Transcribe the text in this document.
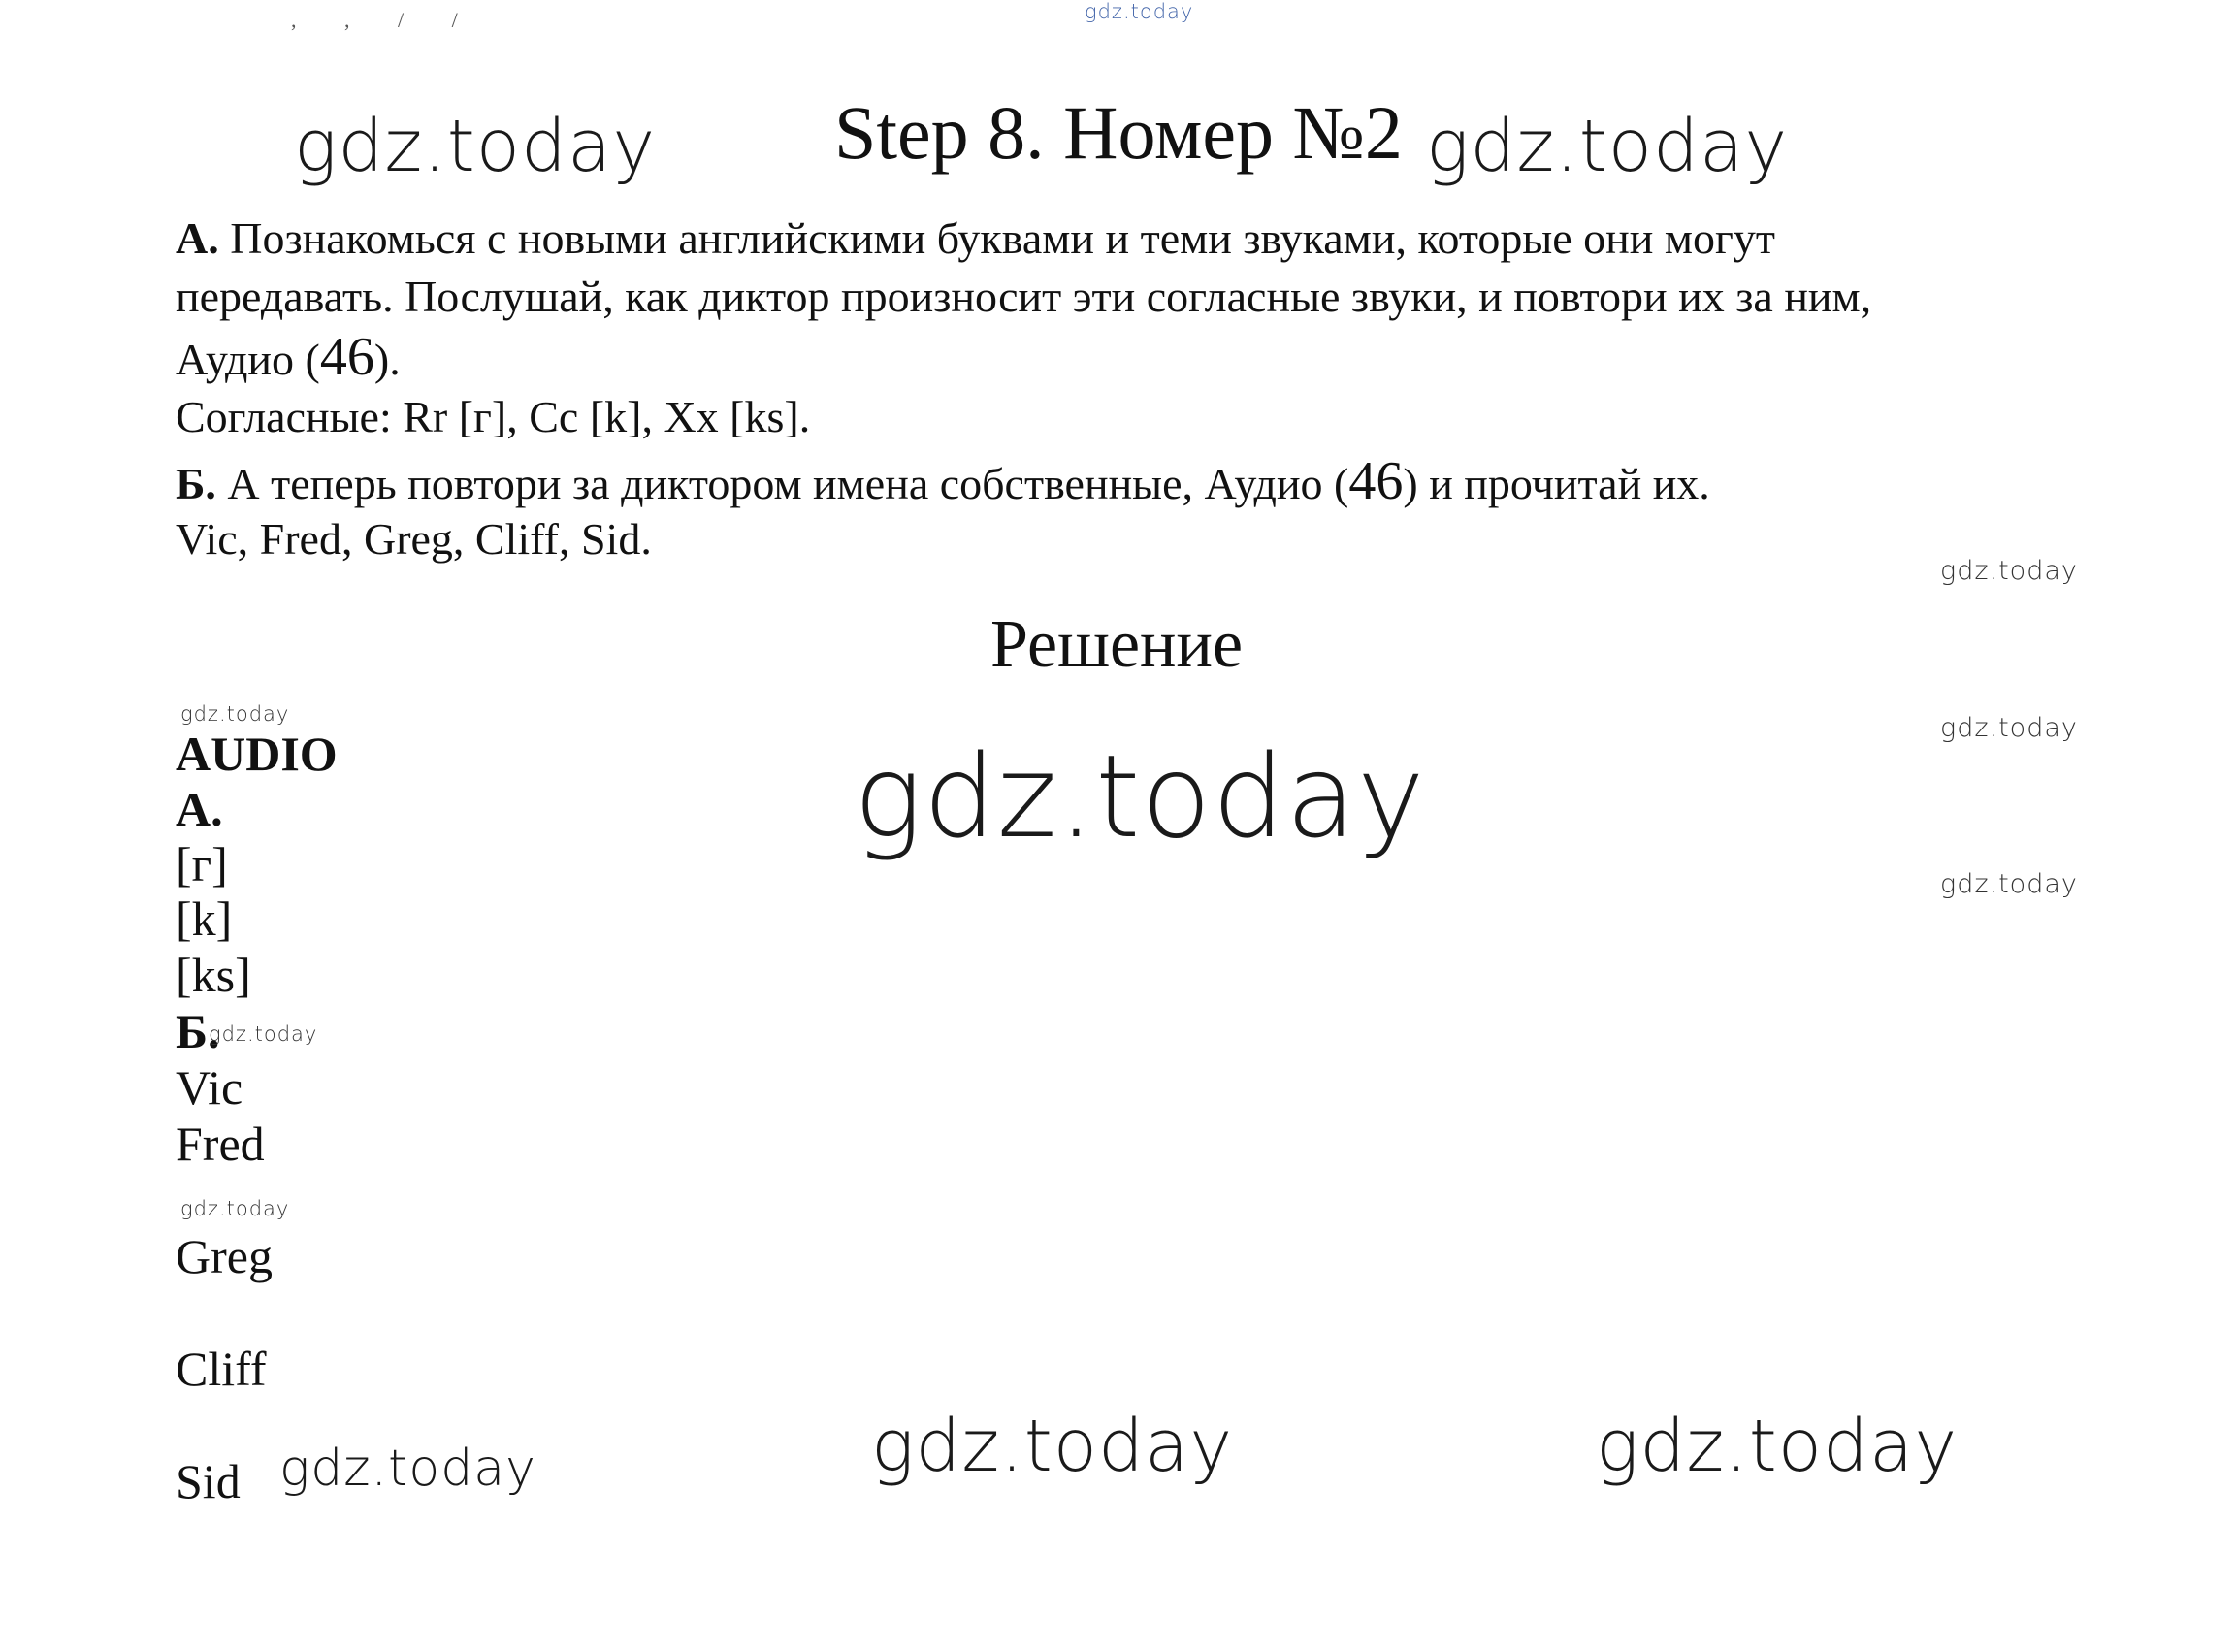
gdz.today
, , / /
gdz.today Step 8. Номер №2 gdz.today
А. Познакомься с новыми английскими буквами и теми звуками, которые они могут
передавать. Послушай, как диктор произносит эти согласные звуки, и повтори их за ним,
Аудио (46).
Согласные: Rr [г], Cc [k], Xx [ks].
Б. А теперь повтори за диктором имена собственные, Аудио (46) и прочитай их.
Vic, Fred, Greg, Cliff, Sid.
gdz.today
Решение
gdz.today	gdz.today
gdz.today
gdz.today
AUDIO
А.
[г]
[k]
[ks]
Б.
gdz.today
Vic
Fred
gdz.today
Greg
Cliff
Sid gdz.today	gdz.today	gdz.today
